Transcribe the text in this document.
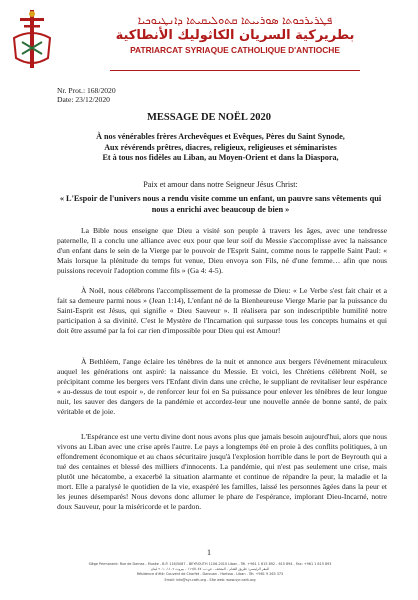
ܦܛܪܝܪܟܘܬܐ ܣܘܪܝܝܬܐ ܩܬܘܠܝܩܝܬܐ ܕܐܢܛܝܘܟܝܐ
بطريركية السريان الكاثوليك الأنطاكية
PATRIARCAT SYRIAQUE CATHOLIQUE D'ANTIOCHE
Nr. Prot.: 168/2020
Date: 23/12/2020
MESSAGE DE NOËL 2020
À nos vénérables frères Archevêques et Evêques, Pères du Saint Synode,
Aux révérends prêtres, diacres, religieux, religieuses et séminaristes
Et à tous nos fidèles au Liban, au Moyen-Orient et dans la Diaspora,
Paix et amour dans notre Seigneur Jésus Christ:
« L'Espoir de l'univers nous a rendu visite comme un enfant, un pauvre sans vêtements qui nous a enrichi avec beaucoup de bien »
La Bible nous enseigne que Dieu a visité son peuple à travers les âges, avec une tendresse paternelle, Il a conclu une alliance avec eux pour que leur soif du Messie s'accomplisse avec la naissance d'un enfant dans le sein de la Vierge par le pouvoir de l'Esprit Saint, comme nous le rappelle Saint Paul: « Mais lorsque la plénitude du temps fut venue, Dieu envoya son Fils, né d'une femme… afin que nous puissions recevoir l'adoption comme fils » (Ga 4: 4-5).
À Noël, nous célébrons l'accomplissement de la promesse de Dieu: « Le Verbe s'est fait chair et a fait sa demeure parmi nous » (Jean 1:14), L'enfant né de la Bienheureuse Vierge Marie par la puissance du Saint-Esprit est Jésus, qui signifie « Dieu Sauveur ». Il réalisera par son indescriptible humilité notre participation à sa divinité. C'est le Mystère de l'Incarnation qui surpasse tous les concepts humains et qui doit être assumé par la foi car rien d'impossible pour Dieu qui est Amour!
À Bethléem, l'ange éclaire les ténèbres de la nuit et annonce aux bergers l'événement miraculeux auquel les générations ont aspiré: la naissance du Messie. Et voici, les Chrétiens célèbrent Noël, se précipitant comme les bergers vers l'Enfant divin dans une crèche, le suppliant de revitaliser leur espérance « au-dessus de tout espoir », de renforcer leur foi en Sa puissance pour enlever les ténèbres de leur longue nuit, les sauver des dangers de la pandémie et accordez-leur une nouvelle année de bonne santé, de paix véritable et de joie.
L'Espérance est une vertu divine dont nous avons plus que jamais besoin aujourd'hui, alors que nous vivons au Liban avec une crise après l'autre. Le pays a longtemps été en proie à des conflits politiques, à un effondrement économique et au chaos sécuritaire jusqu'à l'explosion horrible dans le port de Beyrouth qui a tué des centaines et blessé des milliers d'innocents. La pandémie, qui n'est pas seulement une crise, mais plutôt une hécatombe, a exacerbé la situation alarmante et continue de répandre la peur, la maladie et la mort. Elle a paralysé le quotidien de la vie, exaspéré les familles, laissé les personnes âgées dans la peur et les jeunes désemparés! Nous devons donc allumer le phare de l'espérance, implorant Dieu-Incarné, notre doux Sauveur, pour la miséricorde et le pardon.
1
Siège Permanent: Rue de Damas - Musée - B.P. 116/5087 - BEYROUTH 1106-2010 Liban - Tél. +961 1 615 892 - 615 894 - Fax: +961 1 615 893
المقر الرئيسي: طريق الشام - المتحف - ص.ب. ١١٦/٥٠٨٧ - بيروت ١١٠٦-٢٠١٠ لبنان
Résidence d'été: Couvent de Charfet - Darouan - Harissa - Liban - Tél. +961 9 263 373
Email: info@syr-cath.org - Site web: www.syr-cath.org
